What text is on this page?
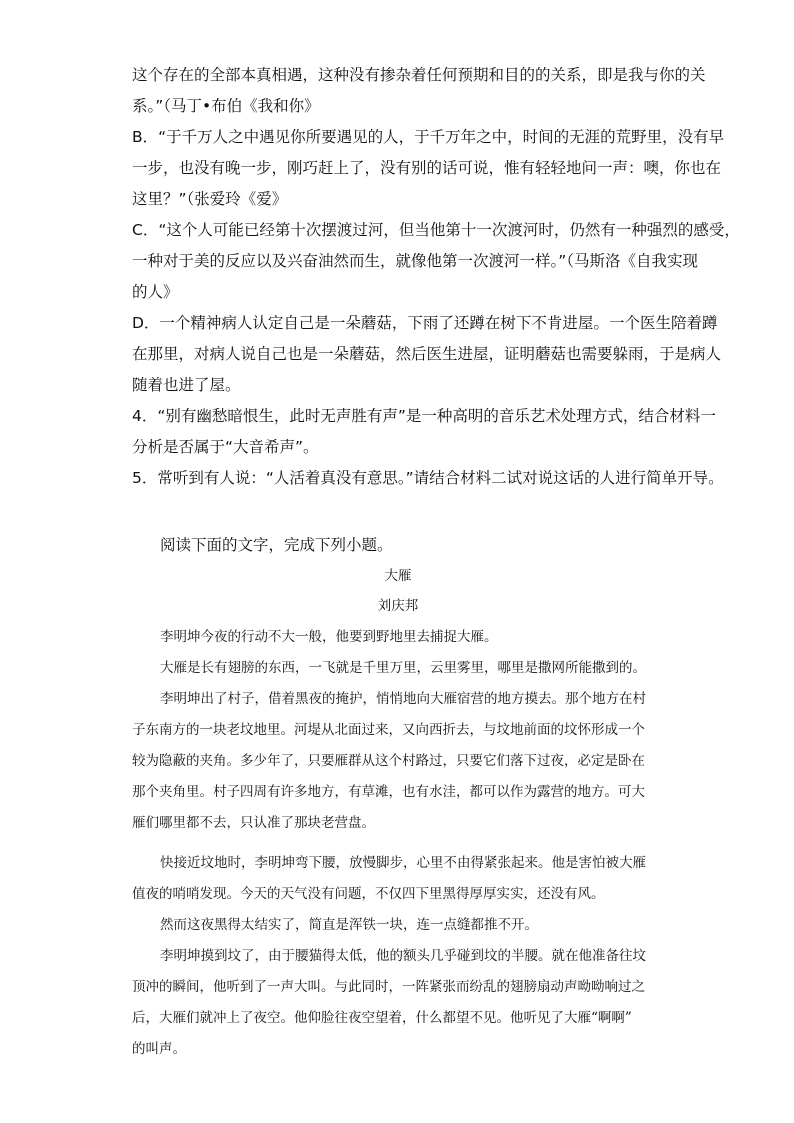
这个存在的全部本真相遇，这种没有掺杂着任何预期和目的的关系，即是我与你的关

系。”（马丁•布伯《我和你》

B．“于千万人之中遇见你所要遇见的人，于千万年之中，时间的无涯的荒野里，没有早

一步，也没有晚一步，刚巧赶上了，没有别的话可说，惟有轻轻地问一声：噢，你也在

这里？”（张爱玲《爱》

C．“这个人可能已经第十次摆渡过河，但当他第十一次渡河时，仍然有一种强烈的感受，

一种对于美的反应以及兴奋油然而生，就像他第一次渡河一样。”（马斯洛《自我实现

的人》

D．一个精神病人认定自己是一朵蘑菇，下雨了还蹲在树下不肯进屋。一个医生陪着蹲

在那里，对病人说自己也是一朵蘑菇，然后医生进屋，证明蘑菇也需要躲雨，于是病人

随着也进了屋。

4．“别有幽愁暗恨生，此时无声胜有声”是一种高明的音乐艺术处理方式，结合材料一

分析是否属于“大音希声”。

5．常听到有人说：“人活着真没有意思。”请结合材料二试对说这话的人进行简单开导。

阅读下面的文字，完成下列小题。

大雁

刘庆邦

李明坤今夜的行动不大一般，他要到野地里去捕捉大雁。

大雁是长有翅膀的东西，一飞就是千里万里，云里雾里，哪里是撒网所能撒到的。

李明坤出了村子，借着黑夜的掩护，悄悄地向大雁宿营的地方摸去。那个地方在村

子东南方的一块老坟地里。河堤从北面过来，又向西折去，与坟地前面的坟怀形成一个

较为隐蔽的夹角。多少年了，只要雁群从这个村路过，只要它们落下过夜，必定是卧在

那个夹角里。村子四周有许多地方，有草滩，也有水洼，都可以作为露营的地方。可大

雁们哪里都不去，只认准了那块老营盘。

快接近坟地时，李明坤弯下腰，放慢脚步，心里不由得紧张起来。他是害怕被大雁

值夜的哨哨发现。今天的天气没有问题，不仅四下里黑得厚厚实实，还没有风。

然而这夜黑得太结实了，简直是浑铁一块，连一点缝都推不开。

李明坤摸到坟了，由于腰猫得太低，他的额头几乎碰到坟的半腰。就在他准备往坟

顶冲的瞬间，他听到了一声大叫。与此同时，一阵紧张而纷乱的翅膀扇动声呦呦响过之

后，大雁们就冲上了夜空。他仰脸往夜空望着，什么都望不见。他听见了大雁“啊啊”

的叫声。
